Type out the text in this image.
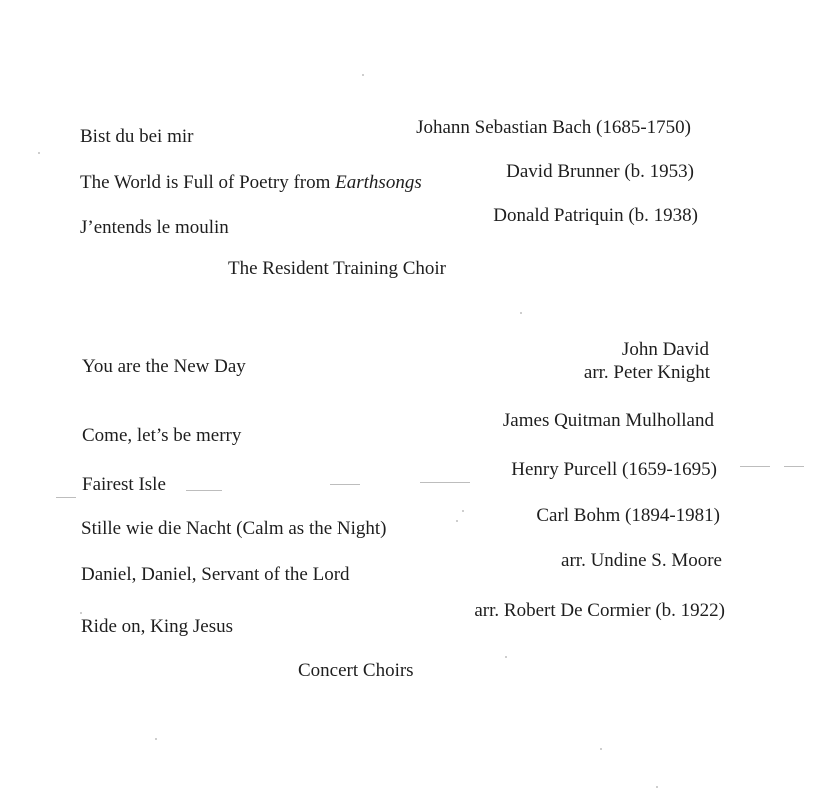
Bist du bei mir	Johann Sebastian Bach (1685-1750)
The World is Full of Poetry from Earthsongs
David Brunner (b. 1953)
J’entends le moulin
Donald Patriquin (b. 1938)
The Resident Training Choir
You are the New Day
John David
arr. Peter Knight
Come, let’s be merry
James Quitman Mulholland
Fairest Isle
Henry Purcell (1659-1695)
Stille wie die Nacht (Calm as the Night)
Carl Bohm (1894-1981)
Daniel, Daniel, Servant of the Lord
arr. Undine S. Moore
Ride on, King Jesus
arr. Robert De Cormier (b. 1922)
Concert Choirs
